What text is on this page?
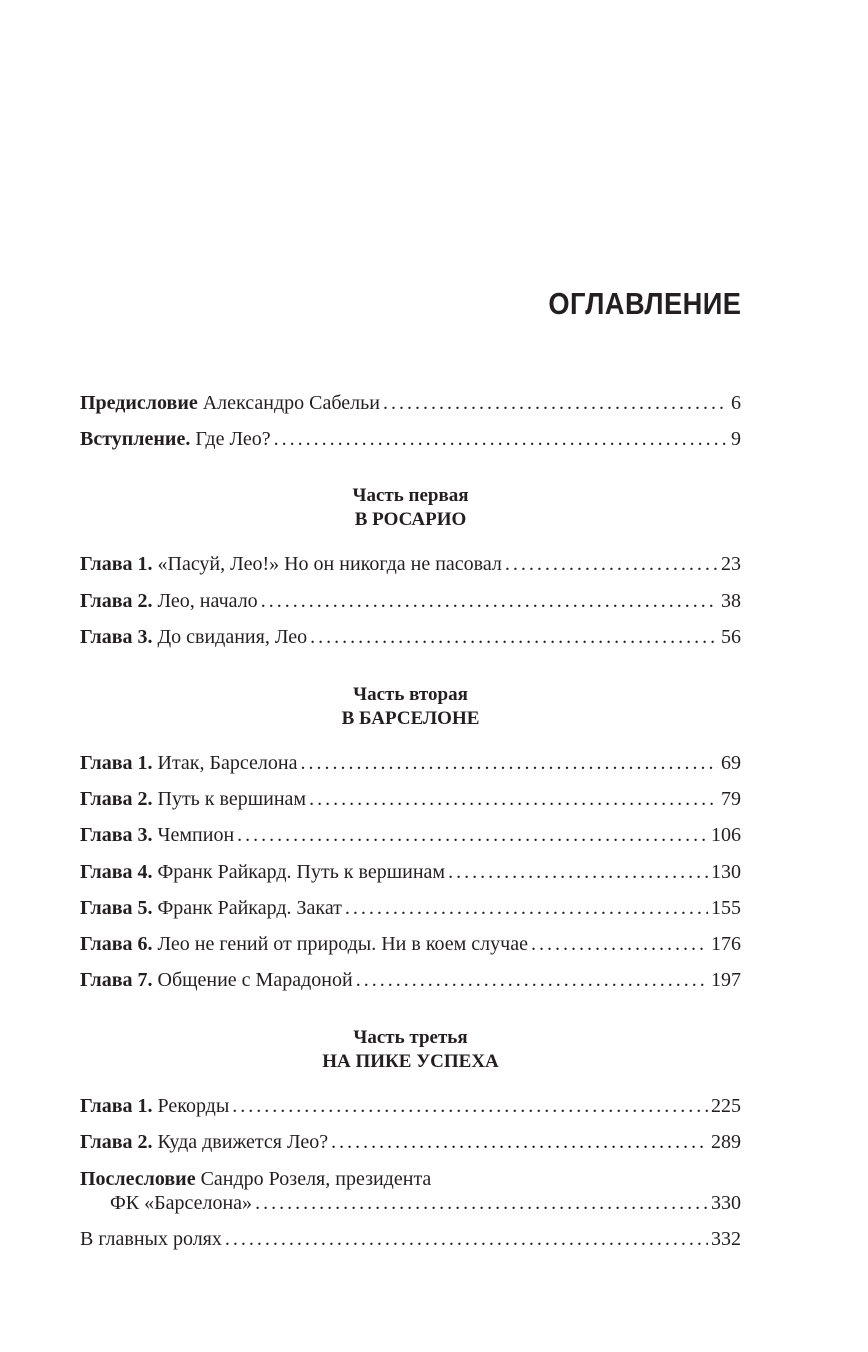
ОГЛАВЛЕНИЕ
Предисловие Александро Сабельи . . .	6
Вступление. Где Лео? . . .	9
Глава 1. «Пасуй, Лео!» Но он никогда не пасовал . . .	23
Глава 2. Лео, начало . . .	38
Глава 3. До свидания, Лео . . .	56
Глава 1. Итак, Барселона . . .	69
Глава 2. Путь к вершинам . . .	79
Глава 3. Чемпион . . .	106
Глава 4. Франк Райкард. Путь к вершинам . . .	130
Глава 5. Франк Райкард. Закат . . .	155
Глава 6. Лео не гений от природы. Ни в коем случае . . .	176
Глава 7. Общение с Марадоной . . .	197
Глава 1. Рекорды . . .	225
Глава 2. Куда движется Лео? . . .	289
Послесловие Сандро Розеля, президента
ФК «Барселона» . . .	330
В главных ролях . . .	332
Часть первая
В РОСАРИО
Часть вторая
В БАРСЕЛОНЕ
Часть третья
НА ПИКЕ УСПЕХА
